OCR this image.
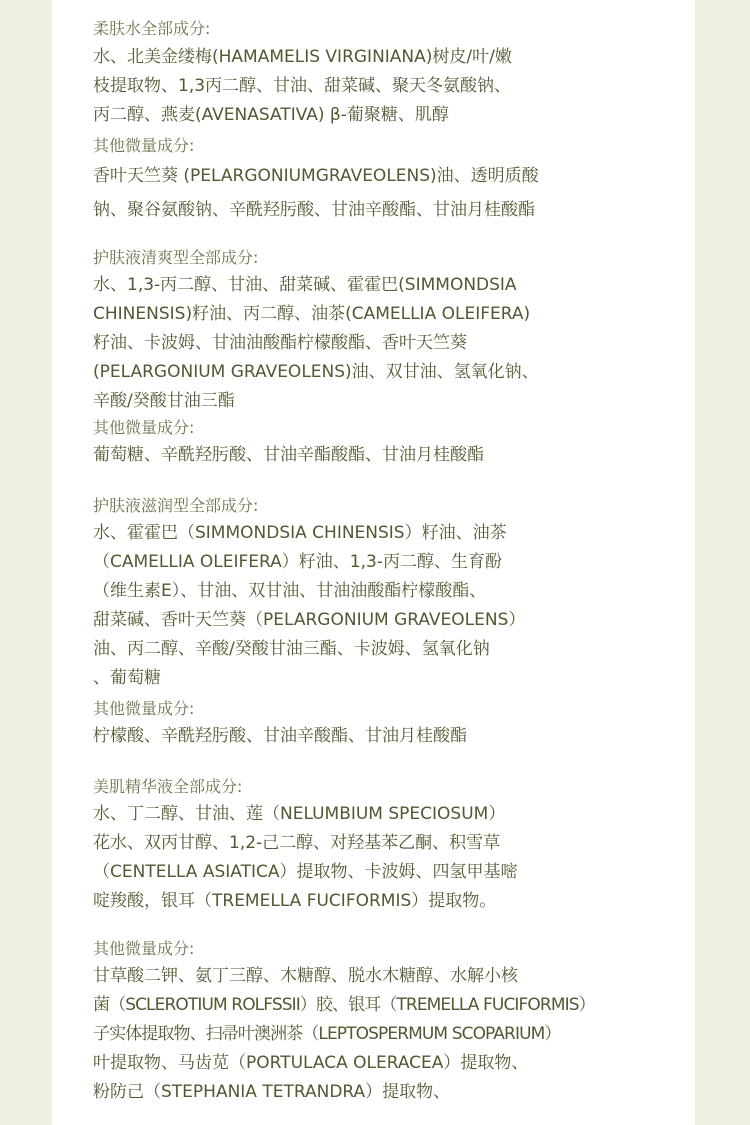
柔肤水全部成分:
水、北美金缕梅(HAMAMELIS VIRGINIANA)树皮/叶/嫩
枝提取物、1,3丙二醇、甘油、甜菜碱、聚天冬氨酸钠、
丙二醇、燕麦(AVENASATIVA) β-葡聚糖、肌醇
其他微量成分:
香叶天竺葵 (PELARGONIUMGRAVEOLENS)油、透明质酸
钠、聚谷氨酸钠、辛酰羟肟酸、甘油辛酸酯、甘油月桂酸酯
护肤液清爽型全部成分:
水、1,3-丙二醇、甘油、甜菜碱、霍霍巴(SIMMONDSIA
CHINENSIS)籽油、丙二醇、油茶(CAMELLIA OLEIFERA)
籽油、卡波姆、甘油油酸酯柠檬酸酯、香叶天竺葵
(PELARGONIUM GRAVEOLENS)油、双甘油、氢氧化钠、
辛酸/癸酸甘油三酯
其他微量成分:
葡萄糖、辛酰羟肟酸、甘油辛酯酸酯、甘油月桂酸酯
护肤液滋润型全部成分:
水、霍霍巴（SIMMONDSIA CHINENSIS）籽油、油茶
（CAMELLIA OLEIFERA）籽油、1,3-丙二醇、生育酚
（维生素E）、甘油、双甘油、甘油油酸酯柠檬酸酯、
甜菜碱、香叶天竺葵（PELARGONIUM GRAVEOLENS）
油、丙二醇、辛酸/癸酸甘油三酯、卡波姆、氢氧化钠
、葡萄糖
其他微量成分:
柠檬酸、辛酰羟肟酸、甘油辛酸酯、甘油月桂酸酯
美肌精华液全部成分:
水、丁二醇、甘油、莲（NELUMBIUM SPECIOSUM）
花水、双丙甘醇、1,2-己二醇、对羟基苯乙酮、积雪草
（CENTELLA ASIATICA）提取物、卡波姆、四氢甲基嘧
啶羧酸，银耳（TREMELLA FUCIFORMIS）提取物。
其他微量成分:
甘草酸二钾、氨丁三醇、木糖醇、脱水木糖醇、水解小核
菌（SCLEROTIUM ROLFSSII）胶、银耳（TREMELLA FUCIFORMIS）
子实体提取物、扫帚叶澳洲茶（LEPTOSPERMUM SCOPARIUM）
叶提取物、马齿苋（PORTULACA OLERACEA）提取物、
粉防己（STEPHANIA TETRANDRA）提取物、
